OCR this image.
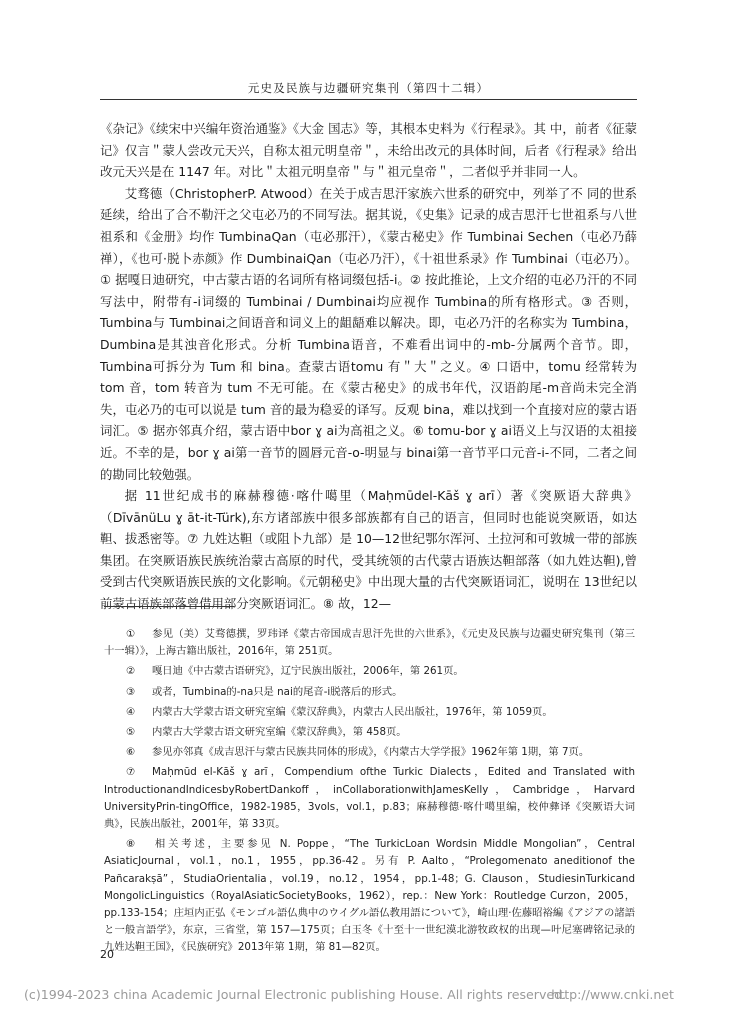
元史及民族与边疆研究集刊（第四十二辑）

《杂记》《续宋中兴编年资治通鉴》《大金 国志》等，其根本史料为《行程录》。其 中，前者《征蒙记》仅言＂蒙人尝改元天兴，自称太祖元明皇帝＂，未给出改元的具体时间，后者《行程录》给出改元天兴是在 1147 年。对比＂太祖元明皇帝＂与＂祖元皇帝＂，二者似乎并非同一人。

艾骛德（ChristopherP. Atwood）在关于成吉思汗家族六世系的研究中，列举了不 同的世系延续，给出了合不勒汗之父屯必乃的不同写法。据其说，《史集》记录的成吉思汗七世祖系与八世祖系和《金册》均作 TumbinaQan（屯必那汗），《蒙古秘史》作 Tumbinai Sechen（屯必乃薛禅），《也可·脱卜赤颜》作 DumbinaiQan（屯必乃汗），《十祖世系录》作 Tumbinai（屯必乃）。① 据嘎日迪研究，中古蒙古语的名词所有格词缀包括-i。② 按此推论，上文介绍的屯必乃汗的不同写法中，附带有-i词缀的 Tumbinai / Dumbinai均应视作 Tumbina的所有格形式。③ 否则，Tumbina与 Tumbinai之间语音和词义上的龃龉难以解决。即，屯必乃汗的名称实为 Tumbina，Dumbina是其浊音化形式。分析 Tumbina语音，不难看出词中的-mb-分属两个音节。即，Tumbina可拆分为 Tum 和 bina。查蒙古语tomu 有＂大＂之义。④ 口语中，tomu 经常转为 tom 音，tom 转音为 tum 不无可能。在《蒙古秘史》的成书年代，汉语韵尾-m音尚未完全消失，屯必乃的屯可以说是 tum 音的最为稳妥的译写。反观 bina，难以找到一个直接对应的蒙古语词汇。⑤ 据亦邻真介绍，蒙古语中bor ɣ ai为高祖之义。⑥ tomu-bor ɣ ai语义上与汉语的太祖接近。不幸的是，bor ɣ ai第一音节的圆唇元音-o-明显与 binai第一音节平口元音-i-不同，二者之间的勘同比较勉强。

据 11世纪成书的麻赫穆德·喀什噶里（Maḥmūdel-Kāš ɣ arī）著《突厥语大辞典》（DīvānüLu ɣ āt-it-Türk),东方诸部族中很多部族都有自己的语言，但同时也能说突厥语，如达靼、拔悉密等。⑦ 九姓达靼（或阻卜九部）是 10—12世纪鄂尔浑河、土拉河和可敦城一带的部族集团。在突厥语族民族统治蒙古高原的时代，受其统领的古代蒙古语族达靼部落（如九姓达靼),曾受到古代突厥语族民族的文化影响。《元朝秘史》中出现大量的古代突厥语词汇，说明在 13世纪以前蒙古语族部落曾借用部分突厥语词汇。⑧ 故，12—

① 参见（美）艾骛德撰，罗玮译《蒙古帝国成吉思汗先世的六世系》，《元史及民族与边疆史研究集刊（第三十一辑）》，上海古籍出版社，2016年，第 251页。

② 嘎日迪《中古蒙古语研究》，辽宁民族出版社，2006年，第 261页。

③ 或者，Tumbina的-na只是 nai的尾音-i脱落后的形式。

④ 内蒙古大学蒙古语文研究室编《蒙汉辞典》，内蒙古人民出版社，1976年，第 1059页。

⑤ 内蒙古大学蒙古语文研究室编《蒙汉辞典》，第 458页。

⑥ 参见亦邻真《成吉思汗与蒙古民族共同体的形成》，《内蒙古大学学报》1962年第 1期，第 7页。

⑦ Maḥmūd el-Kāš ɣ arī，Compendium ofthe Turkic Dialects，Edited and Translated with IntroductionandIndicesbyRobertDankoff，inCollaborationwithJamesKelly，Cambridge，Harvard UniversityPrin-tingOffice，1982-1985，3vols，vol.1，p.83；麻赫穆德·喀什噶里编，校仲彝译《突厥语大词典》，民族出版社，2001年，第 33页。

⑧ 相关考述，主要参见 N. Poppe，“The TurkicLoan Wordsin Middle Mongolian”，Central AsiaticJournal，vol.1，no.1，1955，pp.36-42。另有 P. Aalto，“Prolegomenato aneditionof the Pañcarakṣā”，StudiaOrientalia，vol.19，no.12，1954，pp.1-48；G. Clauson，StudiesinTurkicand MongolicLinguistics（RoyalAsiaticSocietyBooks，1962），rep.：New York：Routledge Curzon，2005，pp.133-154；庄垣内正弘《モンゴル語仏典中のウイグル語仏教用語について》，崎山理·佐藤昭裕編《アジアの諸語と一般言語学》，东京，三省堂，第 157—175页；白玉冬《十至十一世纪漠北游牧政权的出现—叶尼塞碑铭记录的九姓达靼王国》，《民族研究》2013年第 1期，第 81—82页。

20
(c)1994-2023 china Academic Journal Electronic publishing House. All rights reserved.
http://www.cnki.net
